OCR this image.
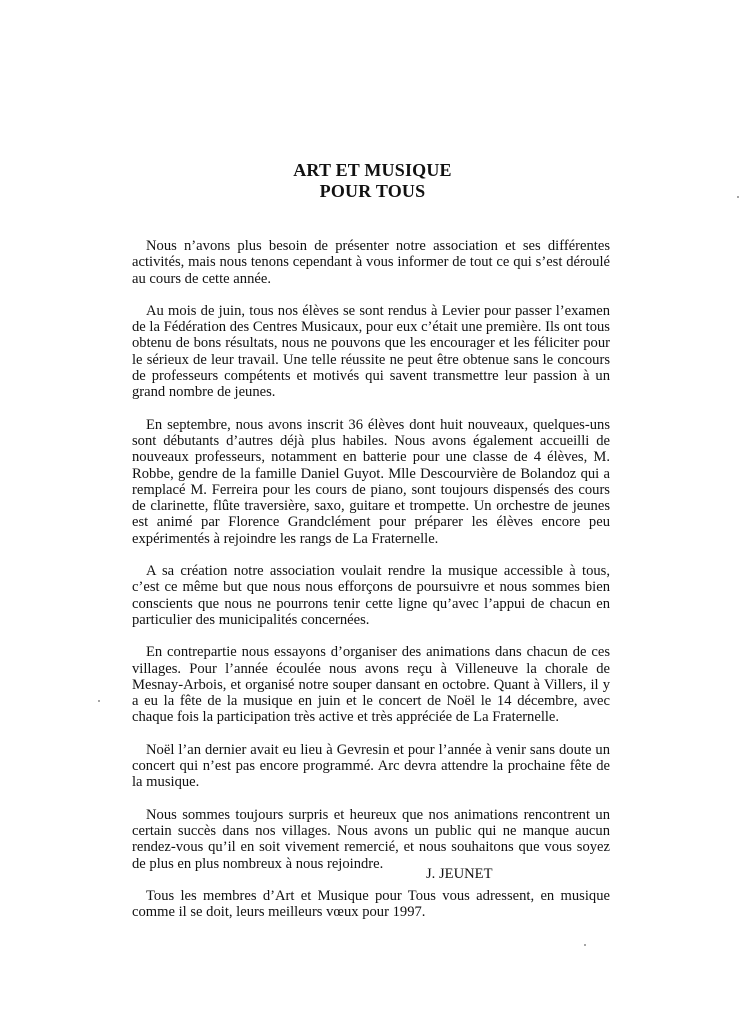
ART ET MUSIQUE
POUR TOUS

Nous n’avons plus besoin de présenter notre association et ses différentes activités, mais nous tenons cependant à vous informer de tout ce qui s’est déroulé au cours de cette année.

Au mois de juin, tous nos élèves se sont rendus à Levier pour passer l’examen de la Fédération des Centres Musicaux, pour eux c’était une première. Ils ont tous obtenu de bons résultats, nous ne pouvons que les encourager et les féliciter pour le sérieux de leur travail. Une telle réussite ne peut être obtenue sans le concours de professeurs compétents et motivés qui savent transmettre leur passion à un grand nombre de jeunes.

En septembre, nous avons inscrit 36 élèves dont huit nouveaux, quelques-uns sont débutants d’autres déjà plus habiles. Nous avons également accueilli de nouveaux professeurs, notamment en batterie pour une classe de 4 élèves, M. Robbe, gendre de la famille Daniel Guyot. Mlle Descourvière de Bolandoz qui a remplacé M. Ferreira pour les cours de piano, sont toujours dispensés des cours de clarinette, flûte traversière, saxo, guitare et trompette. Un orchestre de jeunes est animé par Florence Grandclément pour préparer les élèves encore peu expérimentés à rejoindre les rangs de La Fraternelle.

A sa création notre association voulait rendre la musique accessible à tous, c’est ce même but que nous nous efforçons de poursuivre et nous sommes bien conscients que nous ne pourrons tenir cette ligne qu’avec l’appui de chacun en particulier des municipalités concernées.

En contrepartie nous essayons d’organiser des animations dans chacun de ces villages. Pour l’année écoulée nous avons reçu à Villeneuve la chorale de Mesnay-Arbois, et organisé notre souper dansant en octobre. Quant à Villers, il y a eu la fête de la musique en juin et le concert de Noël le 14 décembre, avec chaque fois la participation très active et très appréciée de La Fraternelle.

Noël l’an dernier avait eu lieu à Gevresin et pour l’année à venir sans doute un concert qui n’est pas encore programmé. Arc devra attendre la prochaine fête de la musique.

Nous sommes toujours surpris et heureux que nos animations rencontrent un certain succès dans nos villages. Nous avons un public qui ne manque aucun rendez-vous qu’il en soit vivement remercié, et nous souhaitons que vous soyez de plus en plus nombreux à nous rejoindre.

Tous les membres d’Art et Musique pour Tous vous adressent, en musique comme il se doit, leurs meilleurs vœux pour 1997.

J. JEUNET
